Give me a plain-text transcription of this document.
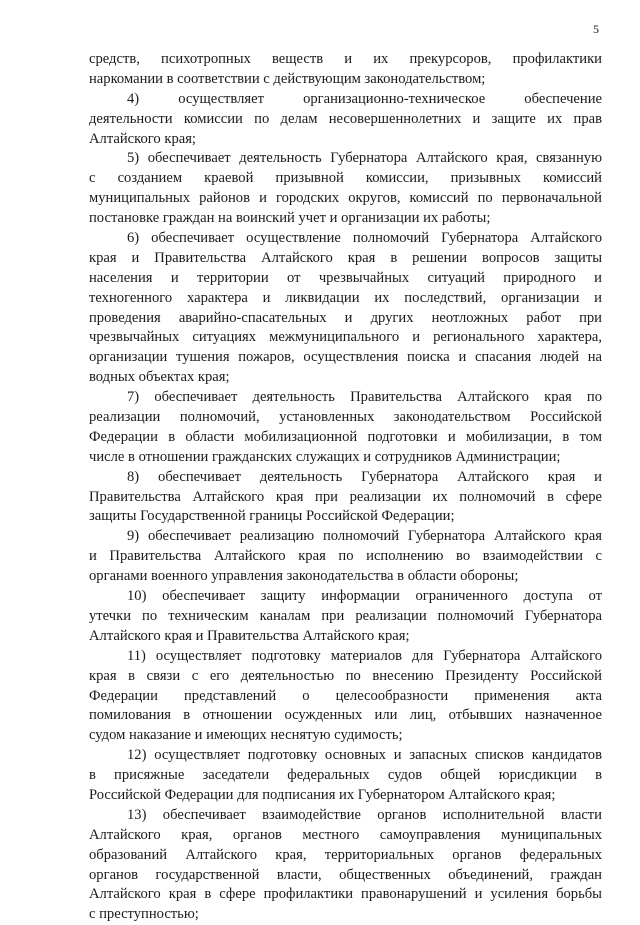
5
средств, психотропных веществ и их прекурсоров, профилактики
наркомании в соответствии с действующим законодательством;
4) осуществляет организационно-техническое обеспечение
деятельности комиссии по делам несовершеннолетних и защите их прав
Алтайского края;
5) обеспечивает деятельность Губернатора Алтайского края, связанную
с созданием краевой призывной комиссии, призывных комиссий
муниципальных районов и городских округов, комиссий по первоначальной
постановке граждан на воинский учет и организации их работы;
6) обеспечивает осуществление полномочий Губернатора Алтайского
края и Правительства Алтайского края в решении вопросов защиты
населения и территории от чрезвычайных ситуаций природного и
техногенного характера и ликвидации их последствий, организации и
проведения аварийно-спасательных и других неотложных работ при
чрезвычайных ситуациях межмуниципального и регионального характера,
организации тушения пожаров, осуществления поиска и спасания людей на
водных объектах края;
7) обеспечивает деятельность Правительства Алтайского края по
реализации полномочий, установленных законодательством Российской
Федерации в области мобилизационной подготовки и мобилизации, в том
числе в отношении гражданских служащих и сотрудников Администрации;
8) обеспечивает деятельность Губернатора Алтайского края и
Правительства Алтайского края при реализации их полномочий в сфере
защиты Государственной границы Российской Федерации;
9) обеспечивает реализацию полномочий Губернатора Алтайского края
и Правительства Алтайского края по исполнению во взаимодействии с
органами военного управления законодательства в области обороны;
10) обеспечивает защиту информации ограниченного доступа от
утечки по техническим каналам при реализации полномочий Губернатора
Алтайского края и Правительства Алтайского края;
11) осуществляет подготовку материалов для Губернатора Алтайского
края в связи с его деятельностью по внесению Президенту Российской
Федерации представлений о целесообразности применения акта
помилования в отношении осужденных или лиц, отбывших назначенное
судом наказание и имеющих неснятую судимость;
12) осуществляет подготовку основных и запасных списков кандидатов
в присяжные заседатели федеральных судов общей юрисдикции в
Российской Федерации для подписания их Губернатором Алтайского края;
13) обеспечивает взаимодействие органов исполнительной власти
Алтайского края, органов местного самоуправления муниципальных
образований Алтайского края, территориальных органов федеральных
органов государственной власти, общественных объединений, граждан
Алтайского края в сфере профилактики правонарушений и усиления борьбы
с преступностью;
